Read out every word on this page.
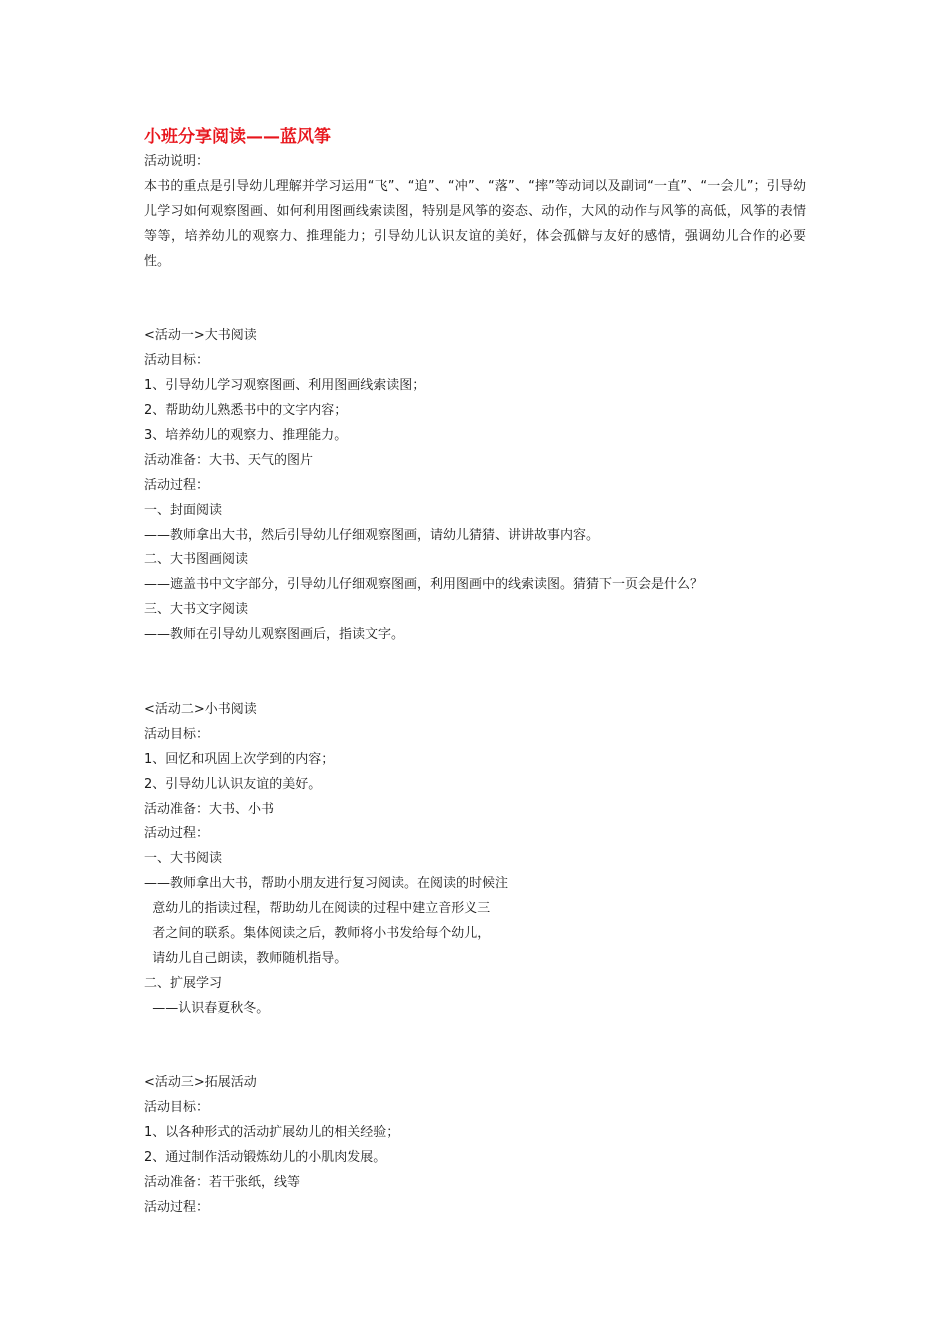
小班分享阅读——蓝风筝

活动说明：

本书的重点是引导幼儿理解并学习运用“飞”、“追”、“冲”、“落”、“摔”等动词以及副词“一直”、“一会儿”；引导幼儿学习如何观察图画、如何利用图画线索读图，特别是风筝的姿态、动作，大风的动作与风筝的高低，风筝的表情等等，培养幼儿的观察力、推理能力；引导幼儿认识友谊的美好，体会孤僻与友好的感情，强调幼儿合作的必要性。

<活动一>大书阅读

活动目标：

1、引导幼儿学习观察图画、利用图画线索读图；

2、帮助幼儿熟悉书中的文字内容；

3、培养幼儿的观察力、推理能力。

活动准备：大书、天气的图片

活动过程：

一、封面阅读

——教师拿出大书，然后引导幼儿仔细观察图画，请幼儿猜猜、讲讲故事内容。

二、大书图画阅读

——遮盖书中文字部分，引导幼儿仔细观察图画，利用图画中的线索读图。猜猜下一页会是什么？

三、大书文字阅读

——教师在引导幼儿观察图画后，指读文字。

<活动二>小书阅读

活动目标：

1、回忆和巩固上次学到的内容；

2、引导幼儿认识友谊的美好。

活动准备：大书、小书

活动过程：

一、大书阅读

——教师拿出大书，帮助小朋友进行复习阅读。在阅读的时候注

意幼儿的指读过程，帮助幼儿在阅读的过程中建立音形义三

者之间的联系。集体阅读之后，教师将小书发给每个幼儿，

请幼儿自己朗读，教师随机指导。

二、扩展学习

——认识春夏秋冬。

<活动三>拓展活动

活动目标：

1、以各种形式的活动扩展幼儿的相关经验；

2、通过制作活动锻炼幼儿的小肌肉发展。

活动准备：若干张纸，线等

活动过程：
